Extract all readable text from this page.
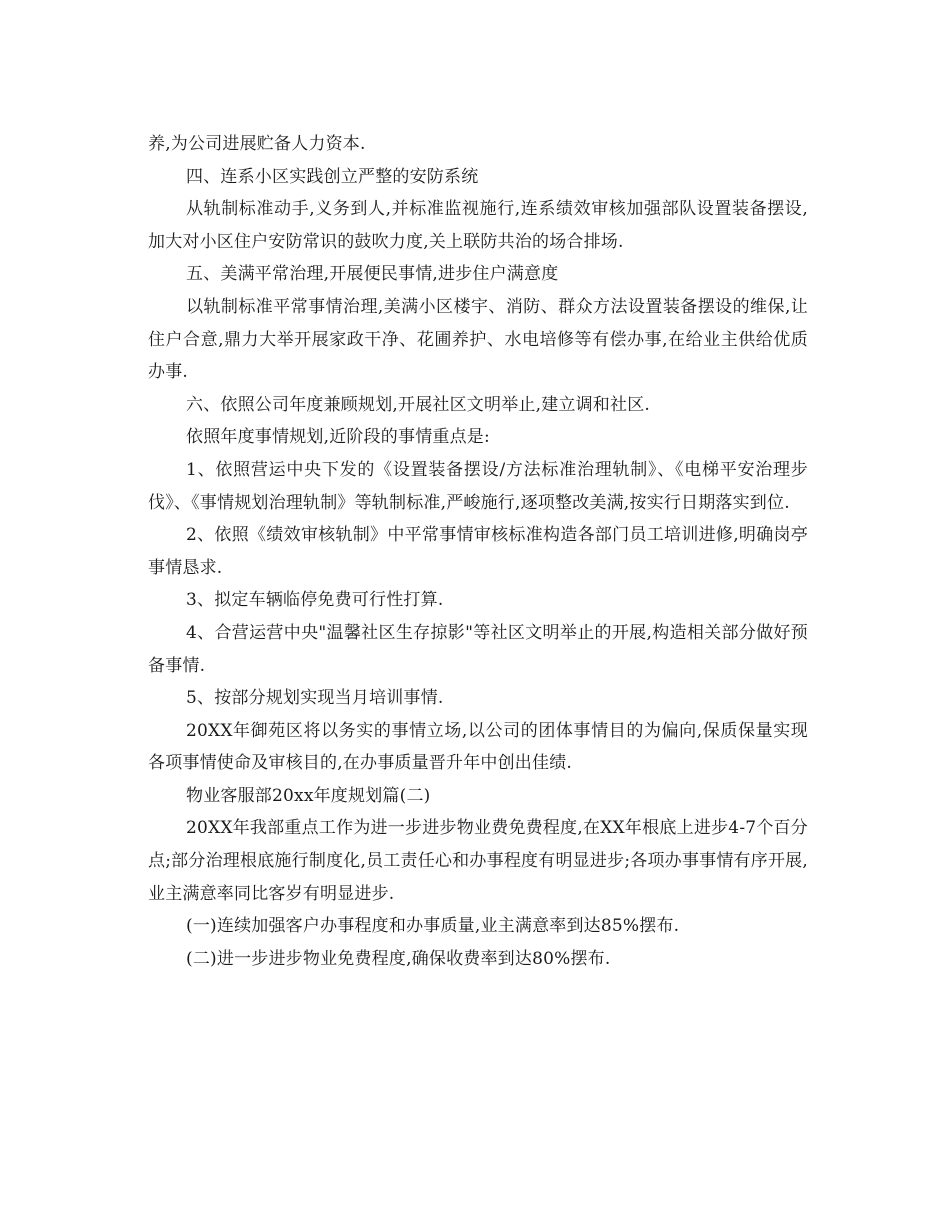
养,为公司进展贮备人力资本.

四、连系小区实践创立严整的安防系统

从轨制标准动手,义务到人,并标准监视施行,连系绩效审核加强部队设置装备摆设,加大对小区住户安防常识的鼓吹力度,关上联防共治的场合排场.

五、美满平常治理,开展便民事情,进步住户满意度

以轨制标准平常事情治理,美满小区楼宇、消防、群众方法设置装备摆设的维保,让住户合意,鼎力大举开展家政干净、花圃养护、水电培修等有偿办事,在给业主供给优质办事.

六、依照公司年度兼顾规划,开展社区文明举止,建立调和社区.

依照年度事情规划,近阶段的事情重点是:

1、依照营运中央下发的《设置装备摆设/方法标准治理轨制》、《电梯平安治理步伐》、《事情规划治理轨制》等轨制标准,严峻施行,逐项整改美满,按实行日期落实到位.

2、依照《绩效审核轨制》中平常事情审核标准构造各部门员工培训进修,明确岗亭事情恳求.

3、拟定车辆临停免费可行性打算.

4、合营运营中央"温馨社区生存掠影"等社区文明举止的开展,构造相关部分做好预备事情.

5、按部分规划实现当月培训事情.

20XX年御苑区将以务实的事情立场,以公司的团体事情目的为偏向,保质保量实现各项事情使命及审核目的,在办事质量晋升年中创出佳绩.

物业客服部20xx年度规划篇(二)

20XX年我部重点工作为进一步进步物业费免费程度,在XX年根底上进步4-7个百分点;部分治理根底施行制度化,员工责任心和办事程度有明显进步;各项办事事情有序开展,业主满意率同比客岁有明显进步.

(一)连续加强客户办事程度和办事质量,业主满意率到达85%摆布.

(二)进一步进步物业免费程度,确保收费率到达80%摆布.
